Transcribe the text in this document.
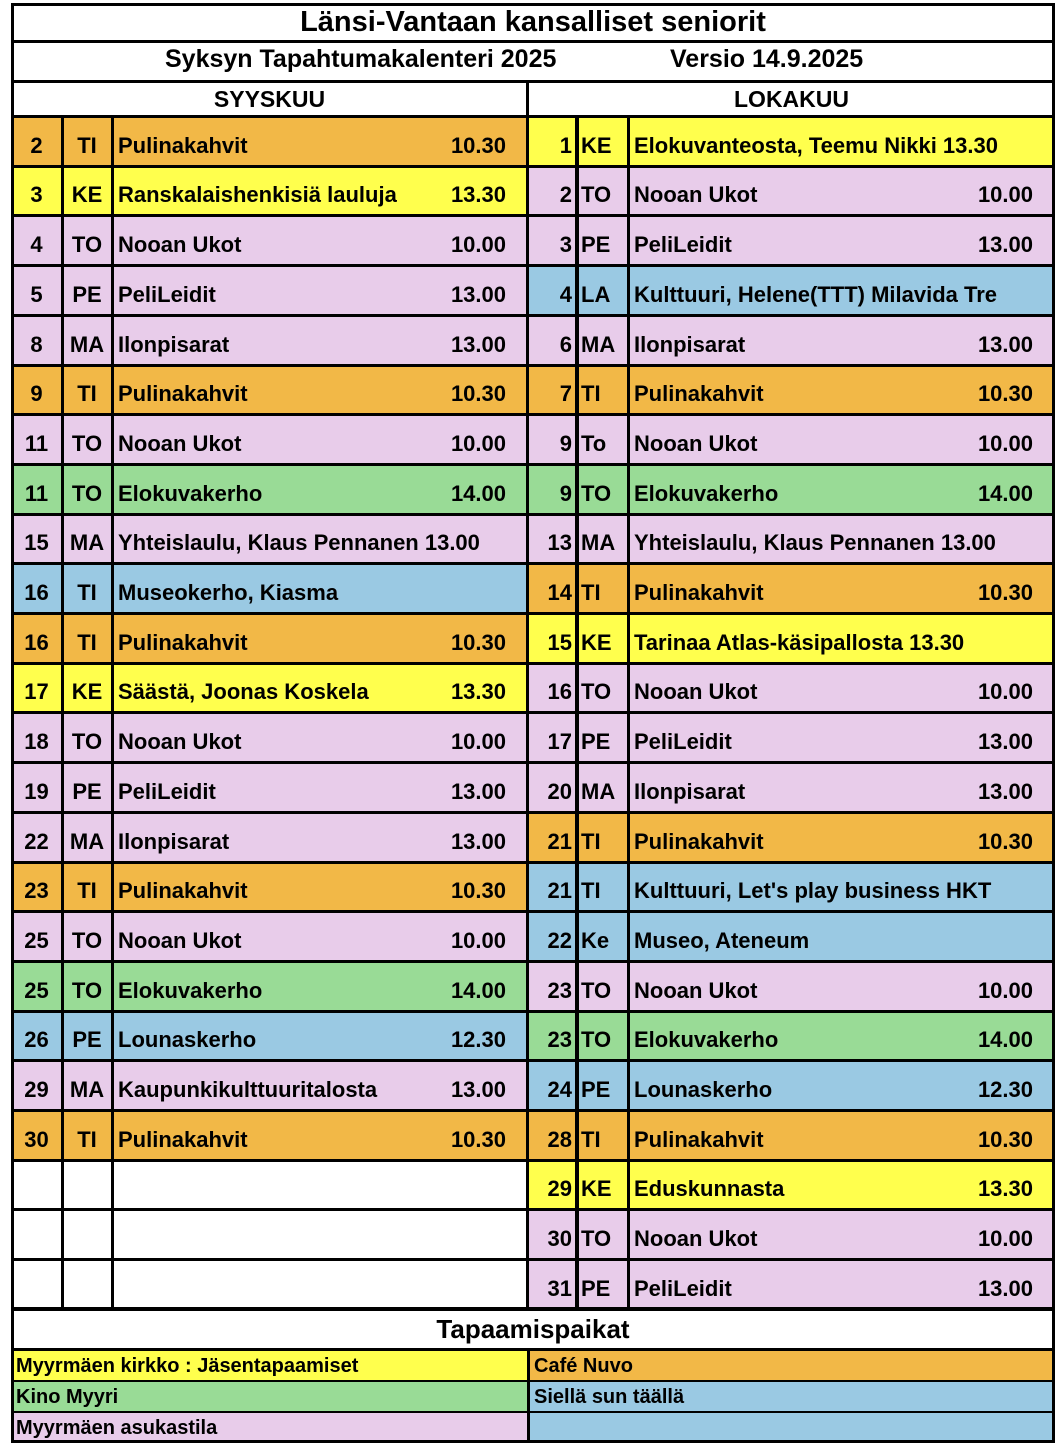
Länsi-Vantaan kansalliset seniorit
Syksyn Tapahtumakalenteri 2025	Versio 14.9.2025
SYYSKUU	LOKAKUU
2	TI Pulinakahvit	10.30
3	KE Ranskalaishenkisiä lauluja	13.30
4	TO Nooan Ukot	10.00
5	PE PeliLeidit	13.00
8	MA Ilonpisarat	13.00
9	TI Pulinakahvit	10.30
11	TO Nooan Ukot	10.00
11	TO Elokuvakerho	14.00
15 MA Yhteislaulu, Klaus Pennanen 13.00
16	TI Museokerho, Kiasma
16	TI Pulinakahvit	10.30
17	KE Säästä, Joonas Koskela	13.30
18	TO Nooan Ukot	10.00
19	PE PeliLeidit	13.00
22 MA Ilonpisarat	13.00
23	TI Pulinakahvit	10.30
25	TO Nooan Ukot	10.00
25	TO Elokuvakerho	14.00
26	PE Lounaskerho	12.30
29 MA Kaupunkikulttuuritalosta	13.00
30	TI Pulinakahvit	10.30
1 KE Elokuvanteosta, Teemu Nikki 13.30
2 TO Nooan Ukot	10.00
3 PE PeliLeidit	13.00
4 LA Kulttuuri, Helene(TTT) Milavida Tre
6 MA Ilonpisarat	13.00
7 TI Pulinakahvit	10.30
9 To Nooan Ukot	10.00
9 TO Elokuvakerho	14.00
13 MA Yhteislaulu, Klaus Pennanen 13.00
14 TI Pulinakahvit	10.30
15 KE Tarinaa Atlas-käsipallosta 13.30
16 TO Nooan Ukot	10.00
17 PE PeliLeidit	13.00
20 MA Ilonpisarat	13.00
21 TI Pulinakahvit	10.30
21 TI Kulttuuri, Let's play business HKT
22 Ke Museo, Ateneum
23 TO Nooan Ukot	10.00
23 TO Elokuvakerho	14.00
24 PE Lounaskerho	12.30
28 TI Pulinakahvit	10.30
29 KE Eduskunnasta	13.30
30 TO Nooan Ukot	10.00
31 PE PeliLeidit	13.00
Tapaamispaikat
Myyrmäen kirkko : Jäsentapaamiset	Café Nuvo
Kino Myyri	Siellä sun täällä
Myyrmäen asukastila
